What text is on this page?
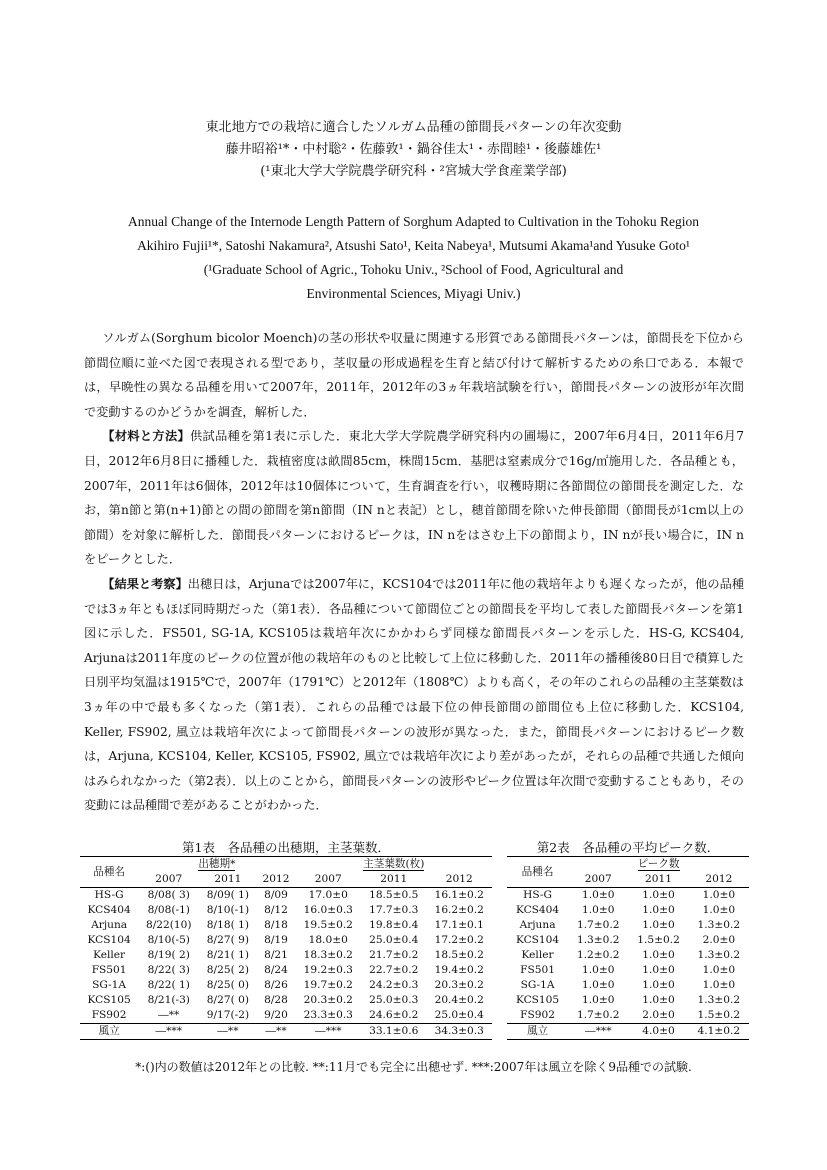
東北地方での栽培に適合したソルガム品種の節間長パターンの年次変動
藤井昭裕¹*・中村聡²・佐藤敦¹・鍋谷佳太¹・赤間睦¹・後藤雄佐¹
(¹東北大学大学院農学研究科・²宮城大学食産業学部)
Annual Change of the Internode Length Pattern of Sorghum Adapted to Cultivation in the Tohoku Region
Akihiro Fujii¹*, Satoshi Nakamura², Atsushi Sato¹, Keita Nabeya¹, Mutsumi Akama¹and Yusuke Goto¹
(¹Graduate School of Agric., Tohoku Univ., ²School of Food, Agricultural and
Environmental Sciences, Miyagi Univ.)

ソルガム(Sorghum bicolor Moench)の茎の形状や収量に関連する形質である節間長パターンは，節間長を下位から節間位順に並べた図で表現される型であり，茎収量の形成過程を生育と結び付けて解析するための糸口である．本報では，早晩性の異なる品種を用いて2007年，2011年，2012年の3ヵ年栽培試験を行い，節間長パターンの波形が年次間で変動するのかどうかを調査，解析した．

【材料と方法】供試品種を第1表に示した．東北大学大学院農学研究科内の圃場に，2007年6月4日，2011年6月7日，2012年6月8日に播種した．栽植密度は畝間85cm，株間15cm．基肥は窒素成分で16g/㎡施用した．各品種とも，2007年，2011年は6個体，2012年は10個体について，生育調査を行い，収穫時期に各節間位の節間長を測定した．なお，第n節と第(n+1)節との間の節間を第n節間（IN nと表記）とし，穂首節間を除いた伸長節間（節間長が1cm以上の節間）を対象に解析した．節間長パターンにおけるピークは，IN nをはさむ上下の節間より，IN nが長い場合に，IN nをピークとした．

【結果と考察】出穂日は，Arjunaでは2007年に，KCS104では2011年に他の栽培年よりも遅くなったが，他の品種では3ヵ年ともほぼ同時期だった（第1表）．各品種について節間位ごとの節間長を平均して表した節間長パターンを第1図に示した．FS501, SG-1A, KCS105は栽培年次にかかわらず同様な節間長パターンを示した．HS-G, KCS404, Arjunaは2011年度のピークの位置が他の栽培年のものと比較して上位に移動した．2011年の播種後80日目で積算した日別平均気温は1915℃で，2007年（1791℃）と2012年（1808℃）よりも高く，その年のこれらの品種の主茎葉数は3ヵ年の中で最も多くなった（第1表）．これらの品種では最下位の伸長節間の節間位も上位に移動した．KCS104, Keller, FS902, 風立は栽培年次によって節間長パターンの波形が異なった．また，節間長パターンにおけるピーク数は，Arjuna, KCS104, Keller, KCS105, FS902, 風立では栽培年次により差があったが，それらの品種で共通した傾向はみられなかった（第2表）．以上のことから，節間長パターンの波形やピーク位置は年次間で変動することもあり，その変動には品種間で差があることがわかった．

第1表　各品種の出穂期，主茎葉数．	第2表　各品種の平均ピーク数．
品種名	出穂期*			主茎葉数(枚)		
	2007	2011	2012	2007	2011	2012
HS-G	8/08( 3)	8/09( 1)	8/09	17.0±0	18.5±0.5	16.1±0.2
KCS404	8/08(-1)	8/10(-1)	8/12	16.0±0.3	17.7±0.3	16.2±0.2
Arjuna	8/22(10)	8/18( 1)	8/18	19.5±0.2	19.8±0.4	17.1±0.1
KCS104	8/10(-5)	8/27( 9)	8/19	18.0±0	25.0±0.4	17.2±0.2
Keller	8/19( 2)	8/21( 1)	8/21	18.3±0.2	21.7±0.2	18.5±0.2
FS501	8/22( 3)	8/25( 2)	8/24	19.2±0.3	22.7±0.2	19.4±0.2
SG-1A	8/22( 1)	8/25( 0)	8/26	19.7±0.2	24.2±0.3	20.3±0.2
KCS105	8/21(-3)	8/27( 0)	8/28	20.3±0.2	25.0±0.3	20.4±0.2
FS902	―**	9/17(-2)	9/20	23.3±0.3	24.6±0.2	25.0±0.4
風立	―***	―**	―**	―***	33.1±0.6	34.3±0.3
品種名	ピーク数		
	2007	2011	2012
HS-G	1.0±0	1.0±0	1.0±0
KCS404	1.0±0	1.0±0	1.0±0
Arjuna	1.7±0.2	1.0±0	1.3±0.2
KCS104	1.3±0.2	1.5±0.2	2.0±0
Keller	1.2±0.2	1.0±0	1.3±0.2
FS501	1.0±0	1.0±0	1.0±0
SG-1A	1.0±0	1.0±0	1.0±0
KCS105	1.0±0	1.0±0	1.3±0.2
FS902	1.7±0.2	2.0±0	1.5±0.2
風立	―***	4.0±0	4.1±0.2
*:()内の数値は2012年との比較. **:11月でも完全に出穂せず. ***:2007年は風立を除く9品種での試験.
